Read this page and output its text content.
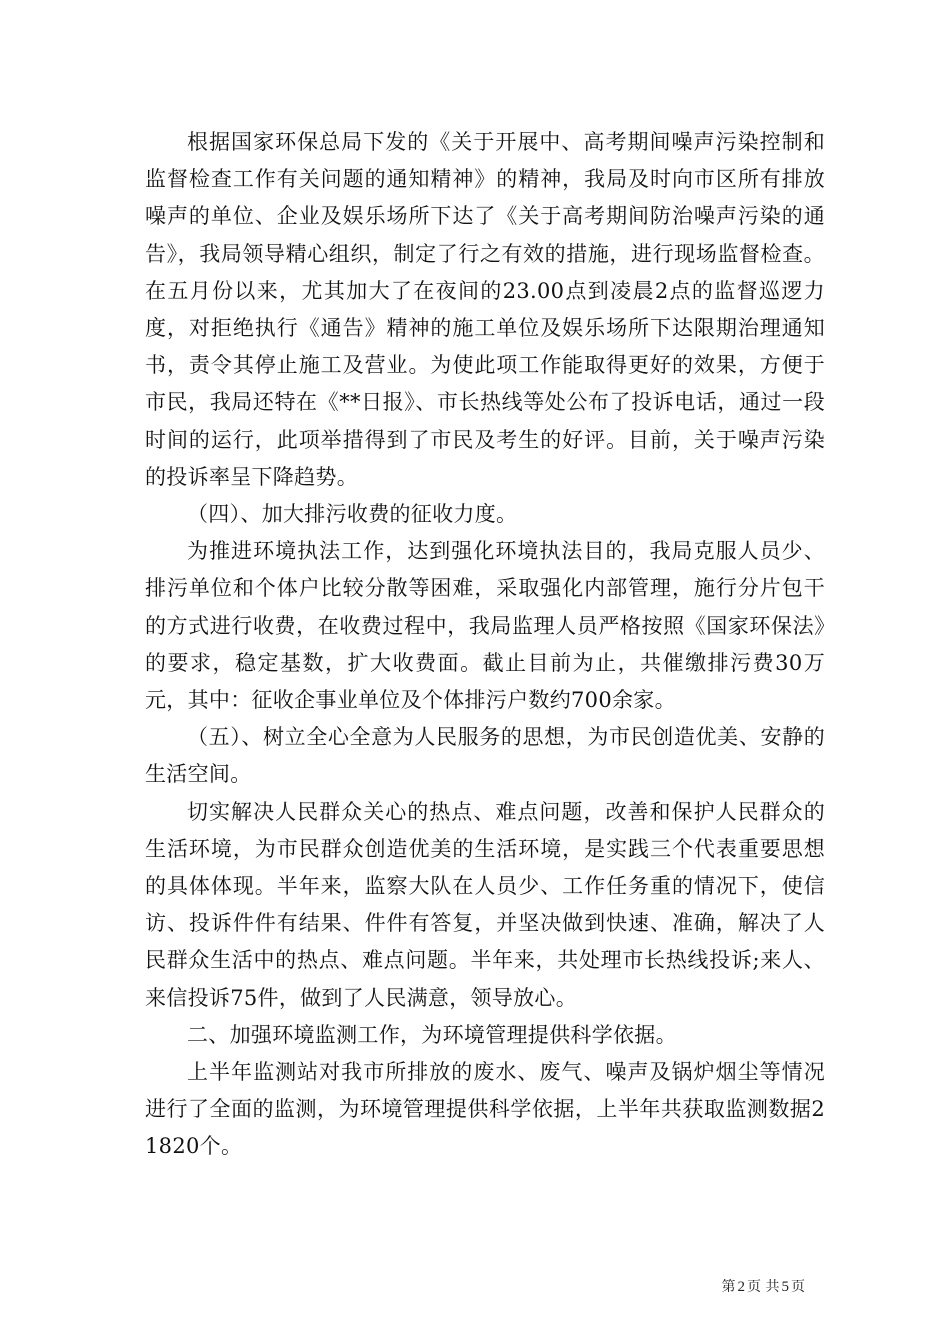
根据国家环保总局下发的《关于开展中、高考期间噪声污染控制和监督检查工作有关问题的通知精神》的精神，我局及时向市区所有排放噪声的单位、企业及娱乐场所下达了《关于高考期间防治噪声污染的通告》，我局领导精心组织，制定了行之有效的措施，进行现场监督检查。在五月份以来，尤其加大了在夜间的23.00点到凌晨2点的监督巡逻力度，对拒绝执行《通告》精神的施工单位及娱乐场所下达限期治理通知书，责令其停止施工及营业。为使此项工作能取得更好的效果，方便于市民，我局还特在《**日报》、市长热线等处公布了投诉电话，通过一段时间的运行，此项举措得到了市民及考生的好评。目前，关于噪声污染的投诉率呈下降趋势。

（四）、加大排污收费的征收力度。

为推进环境执法工作，达到强化环境执法目的，我局克服人员少、排污单位和个体户比较分散等困难，采取强化内部管理，施行分片包干的方式进行收费，在收费过程中，我局监理人员严格按照《国家环保法》的要求，稳定基数，扩大收费面。截止目前为止，共催缴排污费30万元，其中：征收企事业单位及个体排污户数约700余家。

（五）、树立全心全意为人民服务的思想，为市民创造优美、安静的生活空间。

切实解决人民群众关心的热点、难点问题，改善和保护人民群众的生活环境，为市民群众创造优美的生活环境，是实践三个代表重要思想的具体体现。半年来，监察大队在人员少、工作任务重的情况下，使信访、投诉件件有结果、件件有答复，并坚决做到快速、准确，解决了人民群众生活中的热点、难点问题。半年来，共处理市长热线投诉;来人、来信投诉75件，做到了人民满意，领导放心。

二、加强环境监测工作，为环境管理提供科学依据。

上半年监测站对我市所排放的废水、废气、噪声及锅炉烟尘等情况进行了全面的监测，为环境管理提供科学依据，上半年共获取监测数据21820个。

第 2 页 共 5 页
